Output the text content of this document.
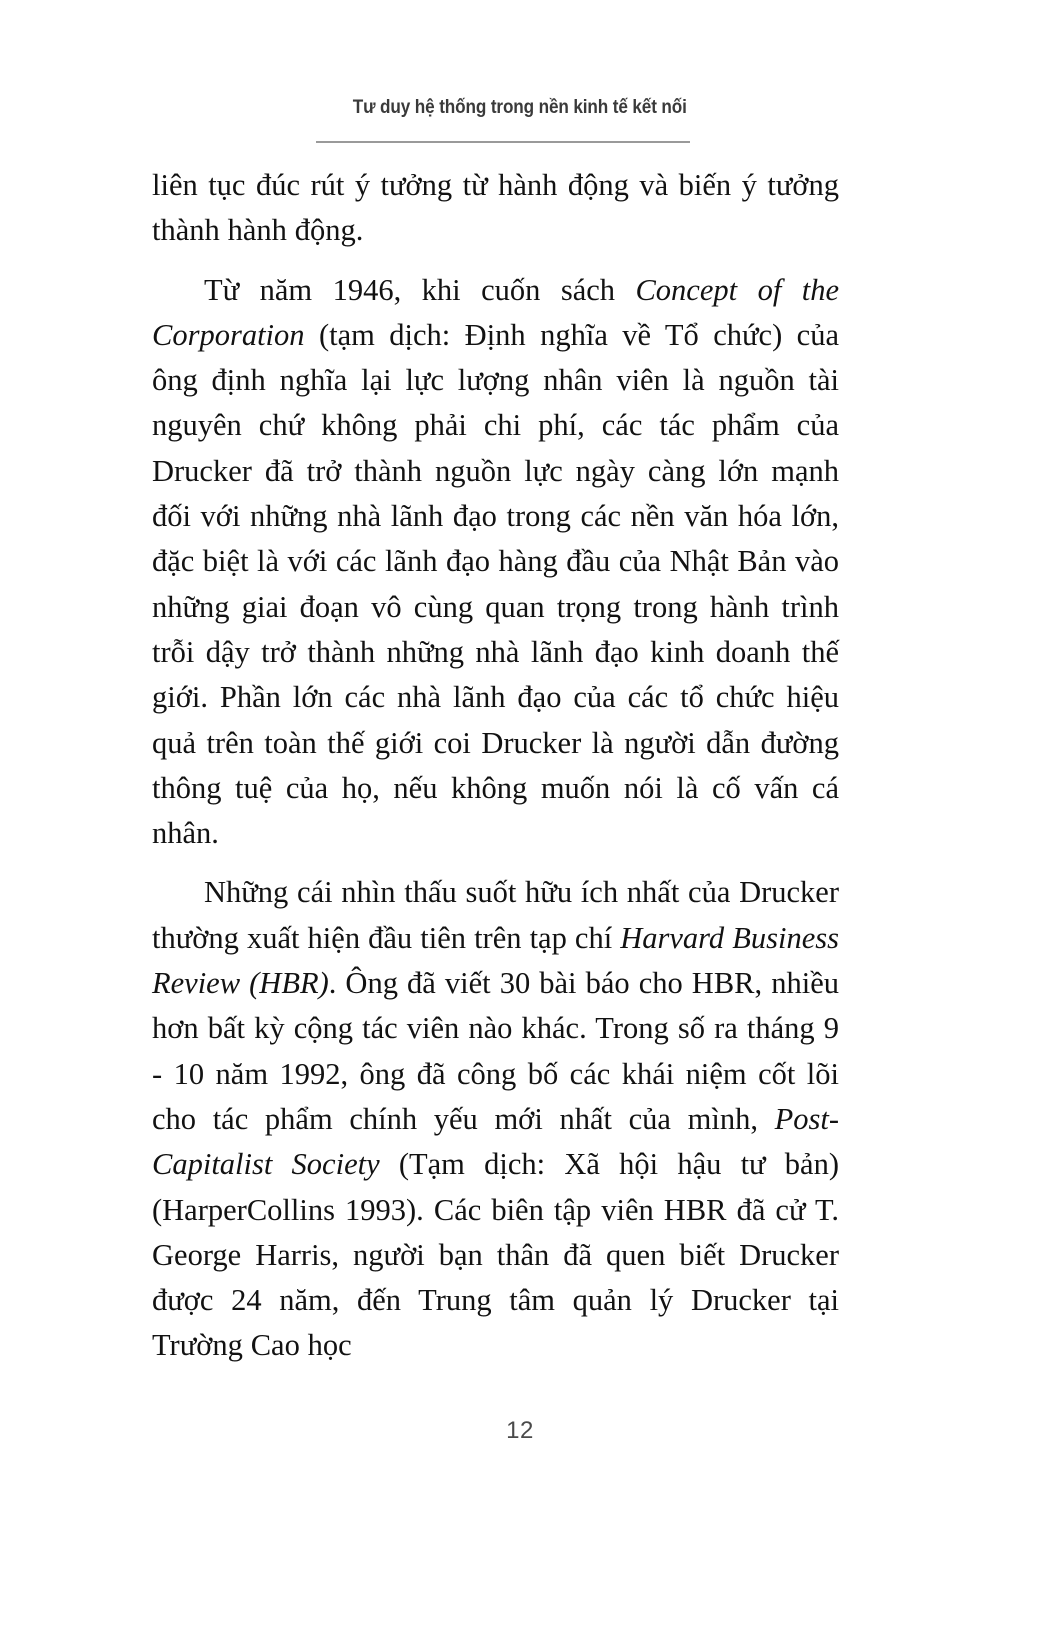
Tư duy hệ thống trong nền kinh tế kết nối

liên tục đúc rút ý tưởng từ hành động và biến ý tưởng thành hành động.

Từ năm 1946, khi cuốn sách Concept of the Corporation (tạm dịch: Định nghĩa về Tổ chức) của ông định nghĩa lại lực lượng nhân viên là nguồn tài nguyên chứ không phải chi phí, các tác phẩm của Drucker đã trở thành nguồn lực ngày càng lớn mạnh đối với những nhà lãnh đạo trong các nền văn hóa lớn, đặc biệt là với các lãnh đạo hàng đầu của Nhật Bản vào những giai đoạn vô cùng quan trọng trong hành trình trỗi dậy trở thành những nhà lãnh đạo kinh doanh thế giới. Phần lớn các nhà lãnh đạo của các tổ chức hiệu quả trên toàn thế giới coi Drucker là người dẫn đường thông tuệ của họ, nếu không muốn nói là cố vấn cá nhân.

Những cái nhìn thấu suốt hữu ích nhất của Drucker thường xuất hiện đầu tiên trên tạp chí Harvard Business Review (HBR). Ông đã viết 30 bài báo cho HBR, nhiều hơn bất kỳ cộng tác viên nào khác. Trong số ra tháng 9 - 10 năm 1992, ông đã công bố các khái niệm cốt lõi cho tác phẩm chính yếu mới nhất của mình, Post-Capitalist Society (Tạm dịch: Xã hội hậu tư bản) (HarperCollins 1993). Các biên tập viên HBR đã cử T. George Harris, người bạn thân đã quen biết Drucker được 24 năm, đến Trung tâm quản lý Drucker tại Trường Cao học

12
